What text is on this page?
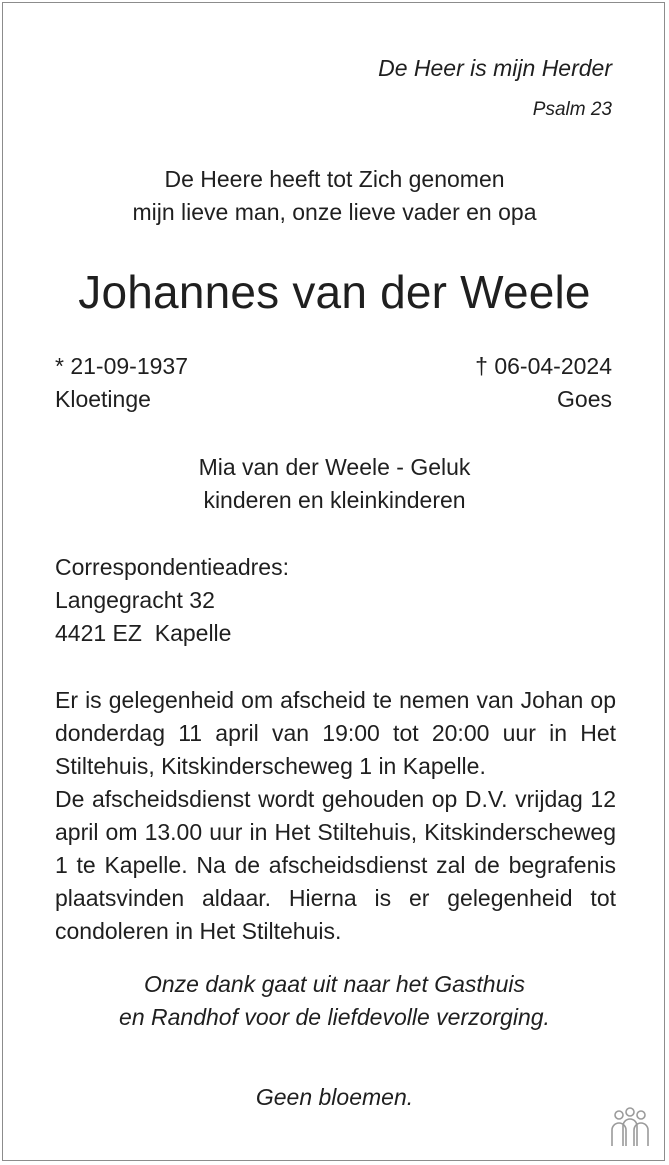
De Heer is mijn Herder
Psalm 23
De Heere heeft tot Zich genomen
mijn lieve man, onze lieve vader en opa
Johannes van der Weele
* 21-09-1937
Kloetinge
† 06-04-2024
Goes
Mia van der Weele - Geluk
kinderen en kleinkinderen
Correspondentieadres:
Langegracht 32
4421 EZ  Kapelle

Er is gelegenheid om afscheid te nemen van Johan op donderdag 11 april van 19:00 tot 20:00 uur in Het Stiltehuis, Kitskinderscheweg 1 in Kapelle.

De afscheidsdienst wordt gehouden op D.V. vrijdag 12 april om 13.00 uur in Het Stiltehuis, Kitskinderscheweg 1 te Kapelle. Na de afscheidsdienst zal de begrafenis plaatsvinden aldaar. Hierna is er gelegenheid tot condoleren in Het Stiltehuis.

Onze dank gaat uit naar het Gasthuis
en Randhof voor de liefdevolle verzorging.
Geen bloemen.
